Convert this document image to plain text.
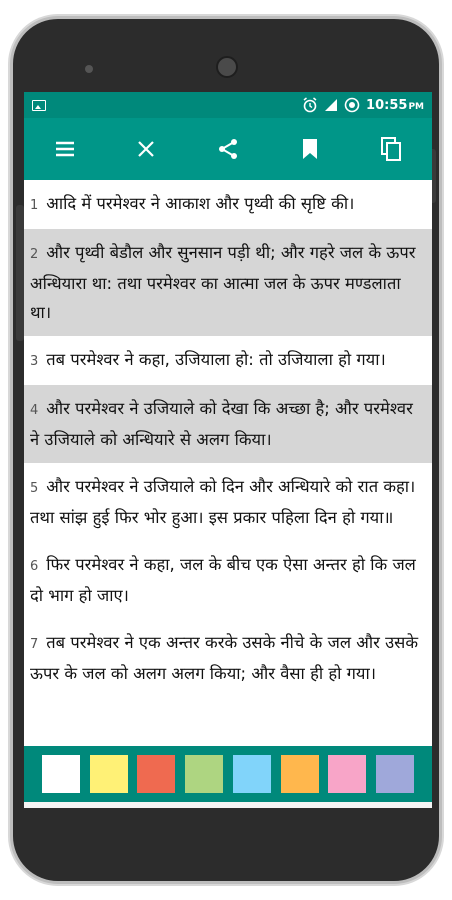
10:55PM
1 आदि में परमेश्वर ने आकाश और पृथ्वी की सृष्टि की।
2 और पृथ्वी बेडौल और सुनसान पड़ी थी; और गहरे जल के ऊपर अन्धियारा था: तथा परमेश्वर का आत्मा जल के ऊपर मण्डलाता था।
3 तब परमेश्वर ने कहा, उजियाला हो: तो उजियाला हो गया।
4 और परमेश्वर ने उजियाले को देखा कि अच्छा है; और परमेश्वर ने उजियाले को अन्धियारे से अलग किया।
5 और परमेश्वर ने उजियाले को दिन और अन्धियारे को रात कहा। तथा सांझ हुई फिर भोर हुआ। इस प्रकार पहिला दिन हो गया॥
6 फिर परमेश्वर ने कहा, जल के बीच एक ऐसा अन्तर हो कि जल दो भाग हो जाए।
7 तब परमेश्वर ने एक अन्तर करके उसके नीचे के जल और उसके ऊपर के जल को अलग अलग किया; और वैसा ही हो गया।
